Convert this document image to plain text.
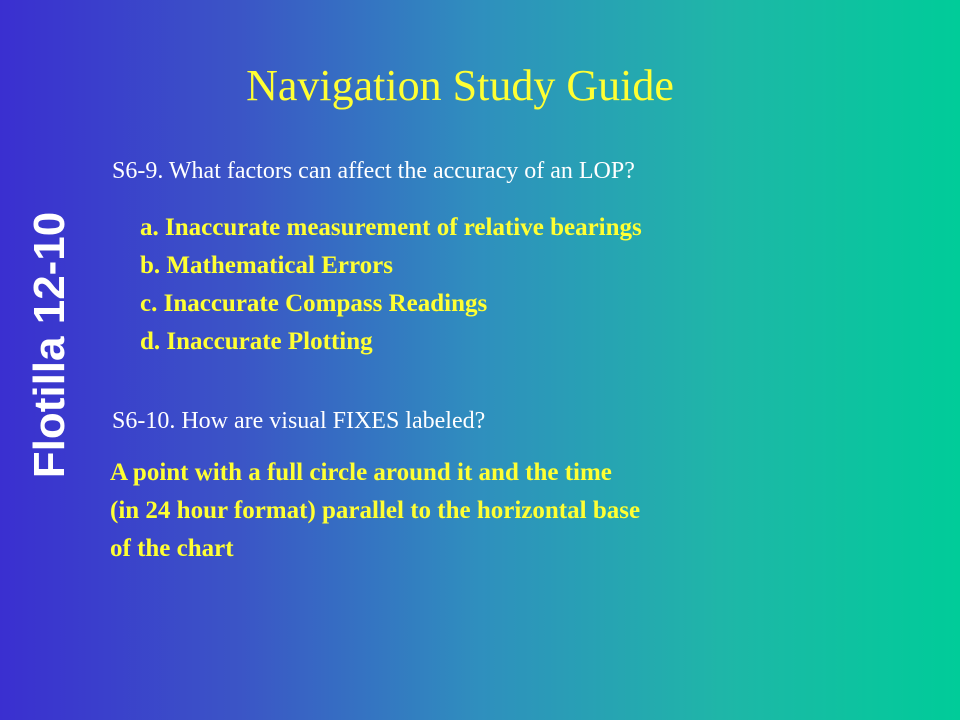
Flotilla 12-10
Navigation Study Guide
S6-9. What factors can affect the accuracy of an LOP?
a. Inaccurate measurement of relative bearings
b. Mathematical Errors
c. Inaccurate Compass Readings
d. Inaccurate Plotting
S6-10. How are visual FIXES labeled?
A point with a full circle around it and the time
(in 24 hour format) parallel to the horizontal base
of the chart
